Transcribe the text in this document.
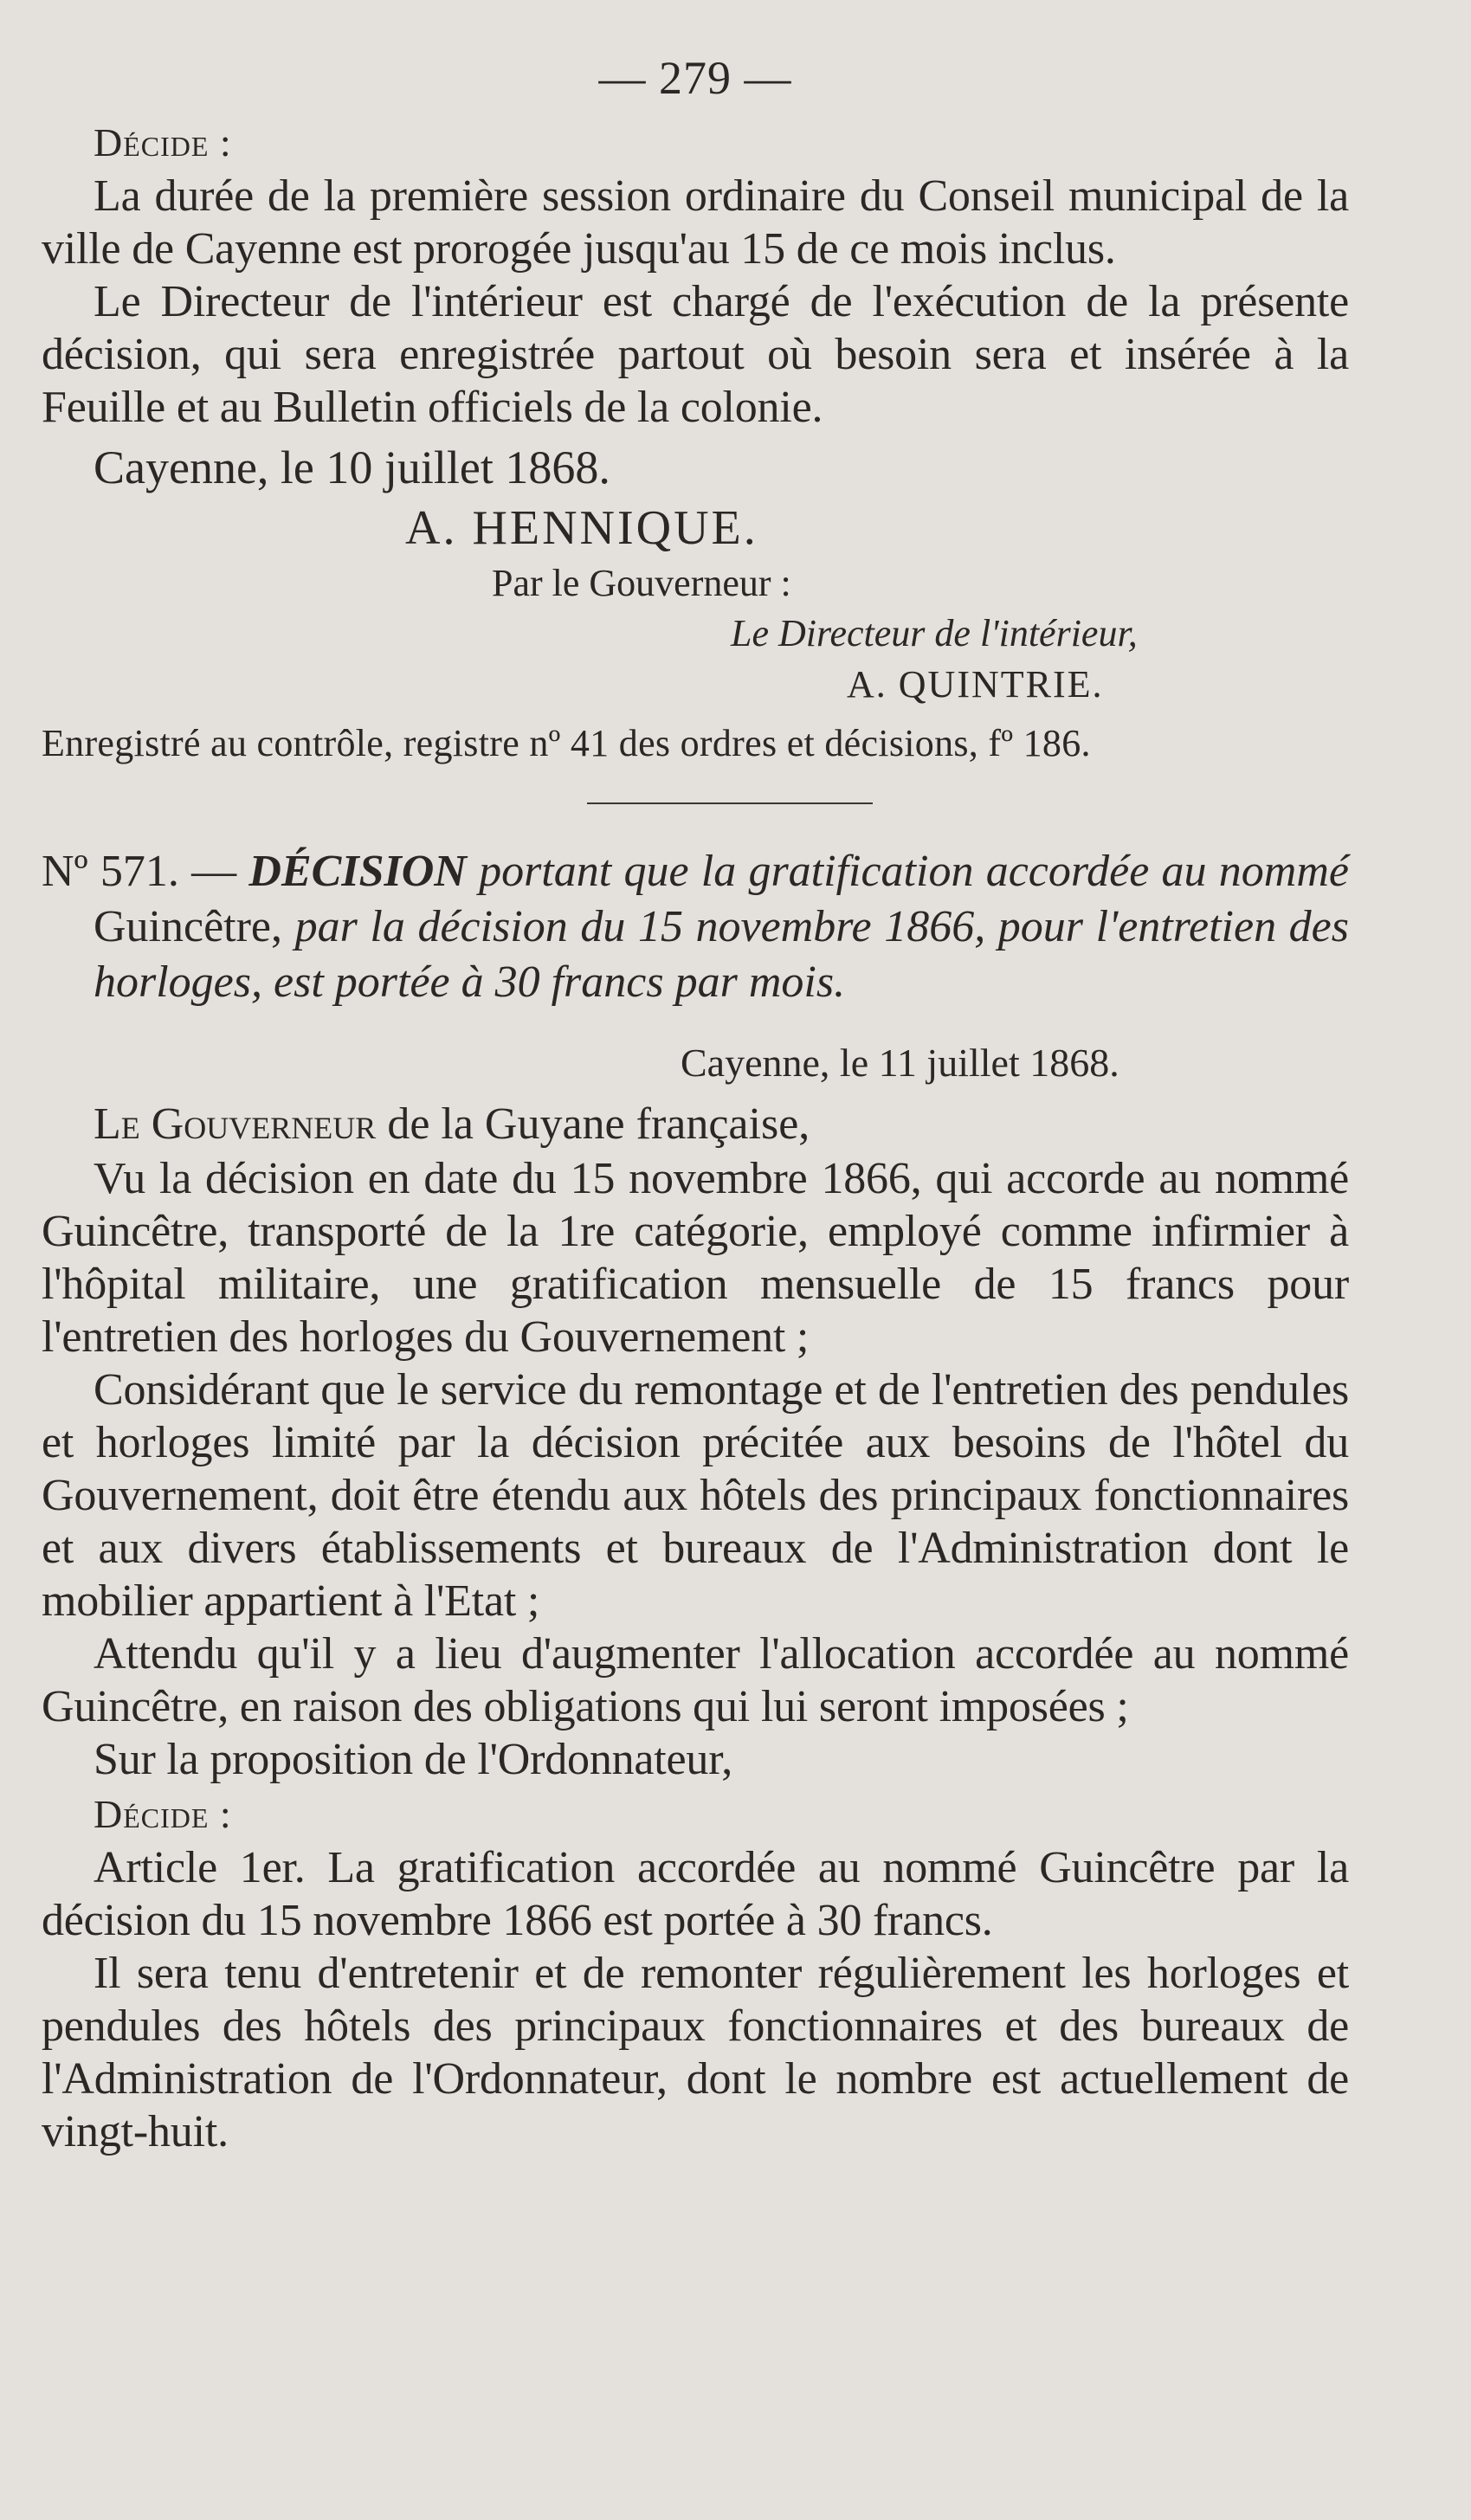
— 279 —
Décide :

La durée de la première session ordinaire du Conseil municipal de la ville de Cayenne est prorogée jusqu'au 15 de ce mois inclus.

Le Directeur de l'intérieur est chargé de l'exécution de la présente décision, qui sera enregistrée partout où besoin sera et insérée à la Feuille et au Bulletin officiels de la colonie.

Cayenne, le 10 juillet 1868.
A. HENNIQUE.
Par le Gouverneur :
Le Directeur de l'intérieur,
A. QUINTRIE.
Enregistré au contrôle, registre nº 41 des ordres et décisions, fº 186.
Nº 571. — DÉCISION portant que la gratification accordée au nommé Guincêtre, par la décision du 15 novembre 1866, pour l'entretien des horloges, est portée à 30 francs par mois.
Cayenne, le 11 juillet 1868.
Le Gouverneur de la Guyane française,

Vu la décision en date du 15 novembre 1866, qui accorde au nommé Guincêtre, transporté de la 1re catégorie, employé comme infirmier à l'hôpital militaire, une gratification mensuelle de 15 francs pour l'entretien des horloges du Gouvernement ;

Considérant que le service du remontage et de l'entretien des pendules et horloges limité par la décision précitée aux besoins de l'hôtel du Gouvernement, doit être étendu aux hôtels des principaux fonctionnaires et aux divers établissements et bureaux de l'Administration dont le mobilier appartient à l'Etat ;

Attendu qu'il y a lieu d'augmenter l'allocation accordée au nommé Guincêtre, en raison des obligations qui lui seront imposées ;

Sur la proposition de l'Ordonnateur,

Décide :

Article 1er. La gratification accordée au nommé Guincêtre par la décision du 15 novembre 1866 est portée à 30 francs.

Il sera tenu d'entretenir et de remonter régulièrement les horloges et pendules des hôtels des principaux fonctionnaires et des bureaux de l'Administration de l'Ordonnateur, dont le nombre est actuellement de vingt-huit.
